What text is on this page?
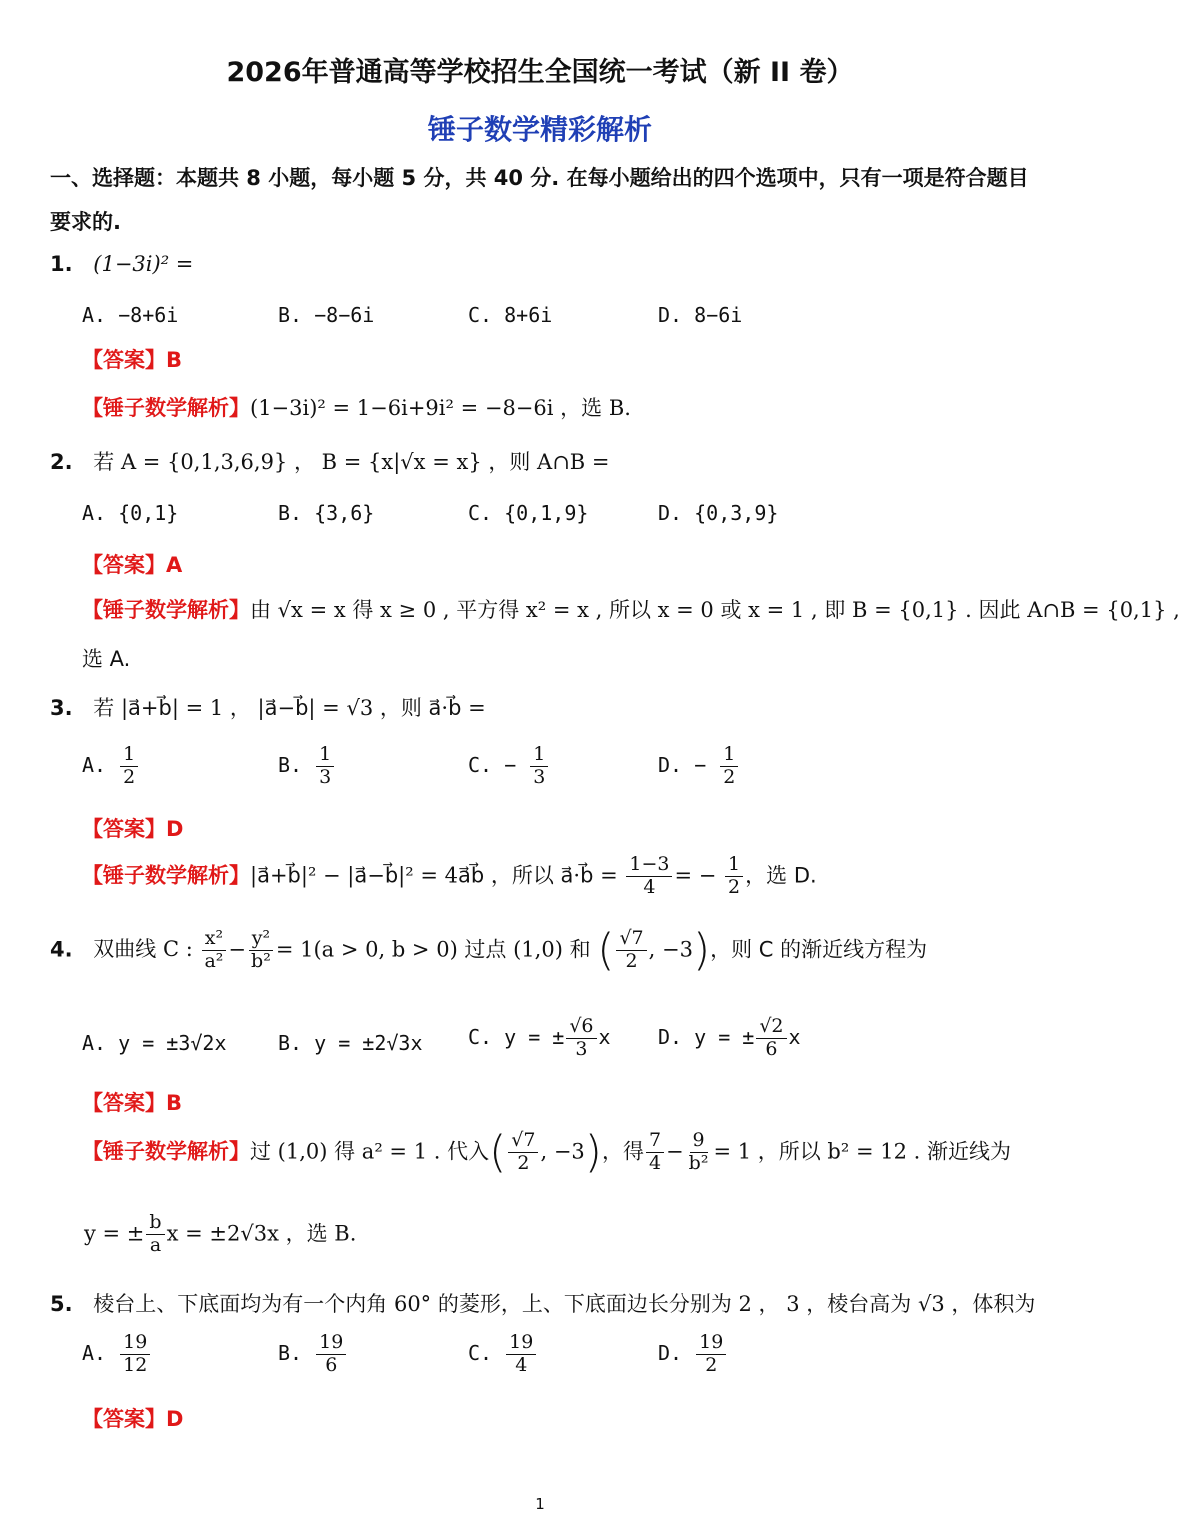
2026年普通高等学校招生全国统一考试（新 II 卷）
锤子数学精彩解析
一、选择题：本题共 8 小题，每小题 5 分，共 40 分. 在每小题给出的四个选项中，只有一项是符合题目
要求的.
1. (1−3i)² =
A. −8+6i	B. −8−6i	C. 8+6i	D. 8−6i
【答案】B
【锤子数学解析】(1−3i)² = 1−6i+9i² = −8−6i ，选 B.
2. 若 A = {0,1,3,6,9} ， B = {x|√x = x} ，则 A∩B =
A. {0,1}	B. {3,6}	C. {0,1,9}	D. {0,3,9}
【答案】A
【锤子数学解析】由 √x = x 得 x ≥ 0 , 平方得 x² = x , 所以 x = 0 或 x = 1 , 即 B = {0,1} . 因此 A∩B = {0,1} ,
选 A.
3. 若 |a⃗+b⃗| = 1 ， |a⃗−b⃗| = √3 ，则 a⃗·b⃗ =
A. $\frac{1}{2}$	B. $\frac{1}{3}$	C. − $\frac{1}{3}$	D. − $\frac{1}{2}$
【答案】D
【锤子数学解析】|a⃗+b⃗|² − |a⃗−b⃗|² = 4a⃗b⃗ ，所以 a⃗·b⃗ = $\frac{1-3}{4}$ = − $\frac{1}{2}$ ，选 D.
4. 双曲线 C : $\frac{\text{x²}}{\text{a²}} - \frac{\text{y²}}{\text{b²}} = 1(a > 0$, b > 0) 过点 (1,0) 和 ( $\frac{√7}{2}$ , −3)，则 C 的渐近线方程为
A. y = ±3√2x	B. y = ±2√3x C. y = ± $\frac{√6}{3}$ x D. y = ± $\frac{√2}{6}$ x
【答案】B
【锤子数学解析】过 (1,0) 得 a² = 1 . 代入( $\frac{√7}{2}$ , −3)，得 $\frac{7}{4} - \frac{9}{\text{b²}} = 1$ ，所以 b² = 12 . 渐近线为
y = ± $\frac{b}{a}$ x = ±2√3x ，选 B.
5. 棱台上、下底面均为有一个内角 60° 的菱形，上、下底面边长分别为 2 ， 3 ，棱台高为 √3 ，体积为
A. $\frac{19}{12}$	B. $\frac{19}{6}$	C. $\frac{19}{4}$	D. $\frac{19}{2}$
【答案】D
1
